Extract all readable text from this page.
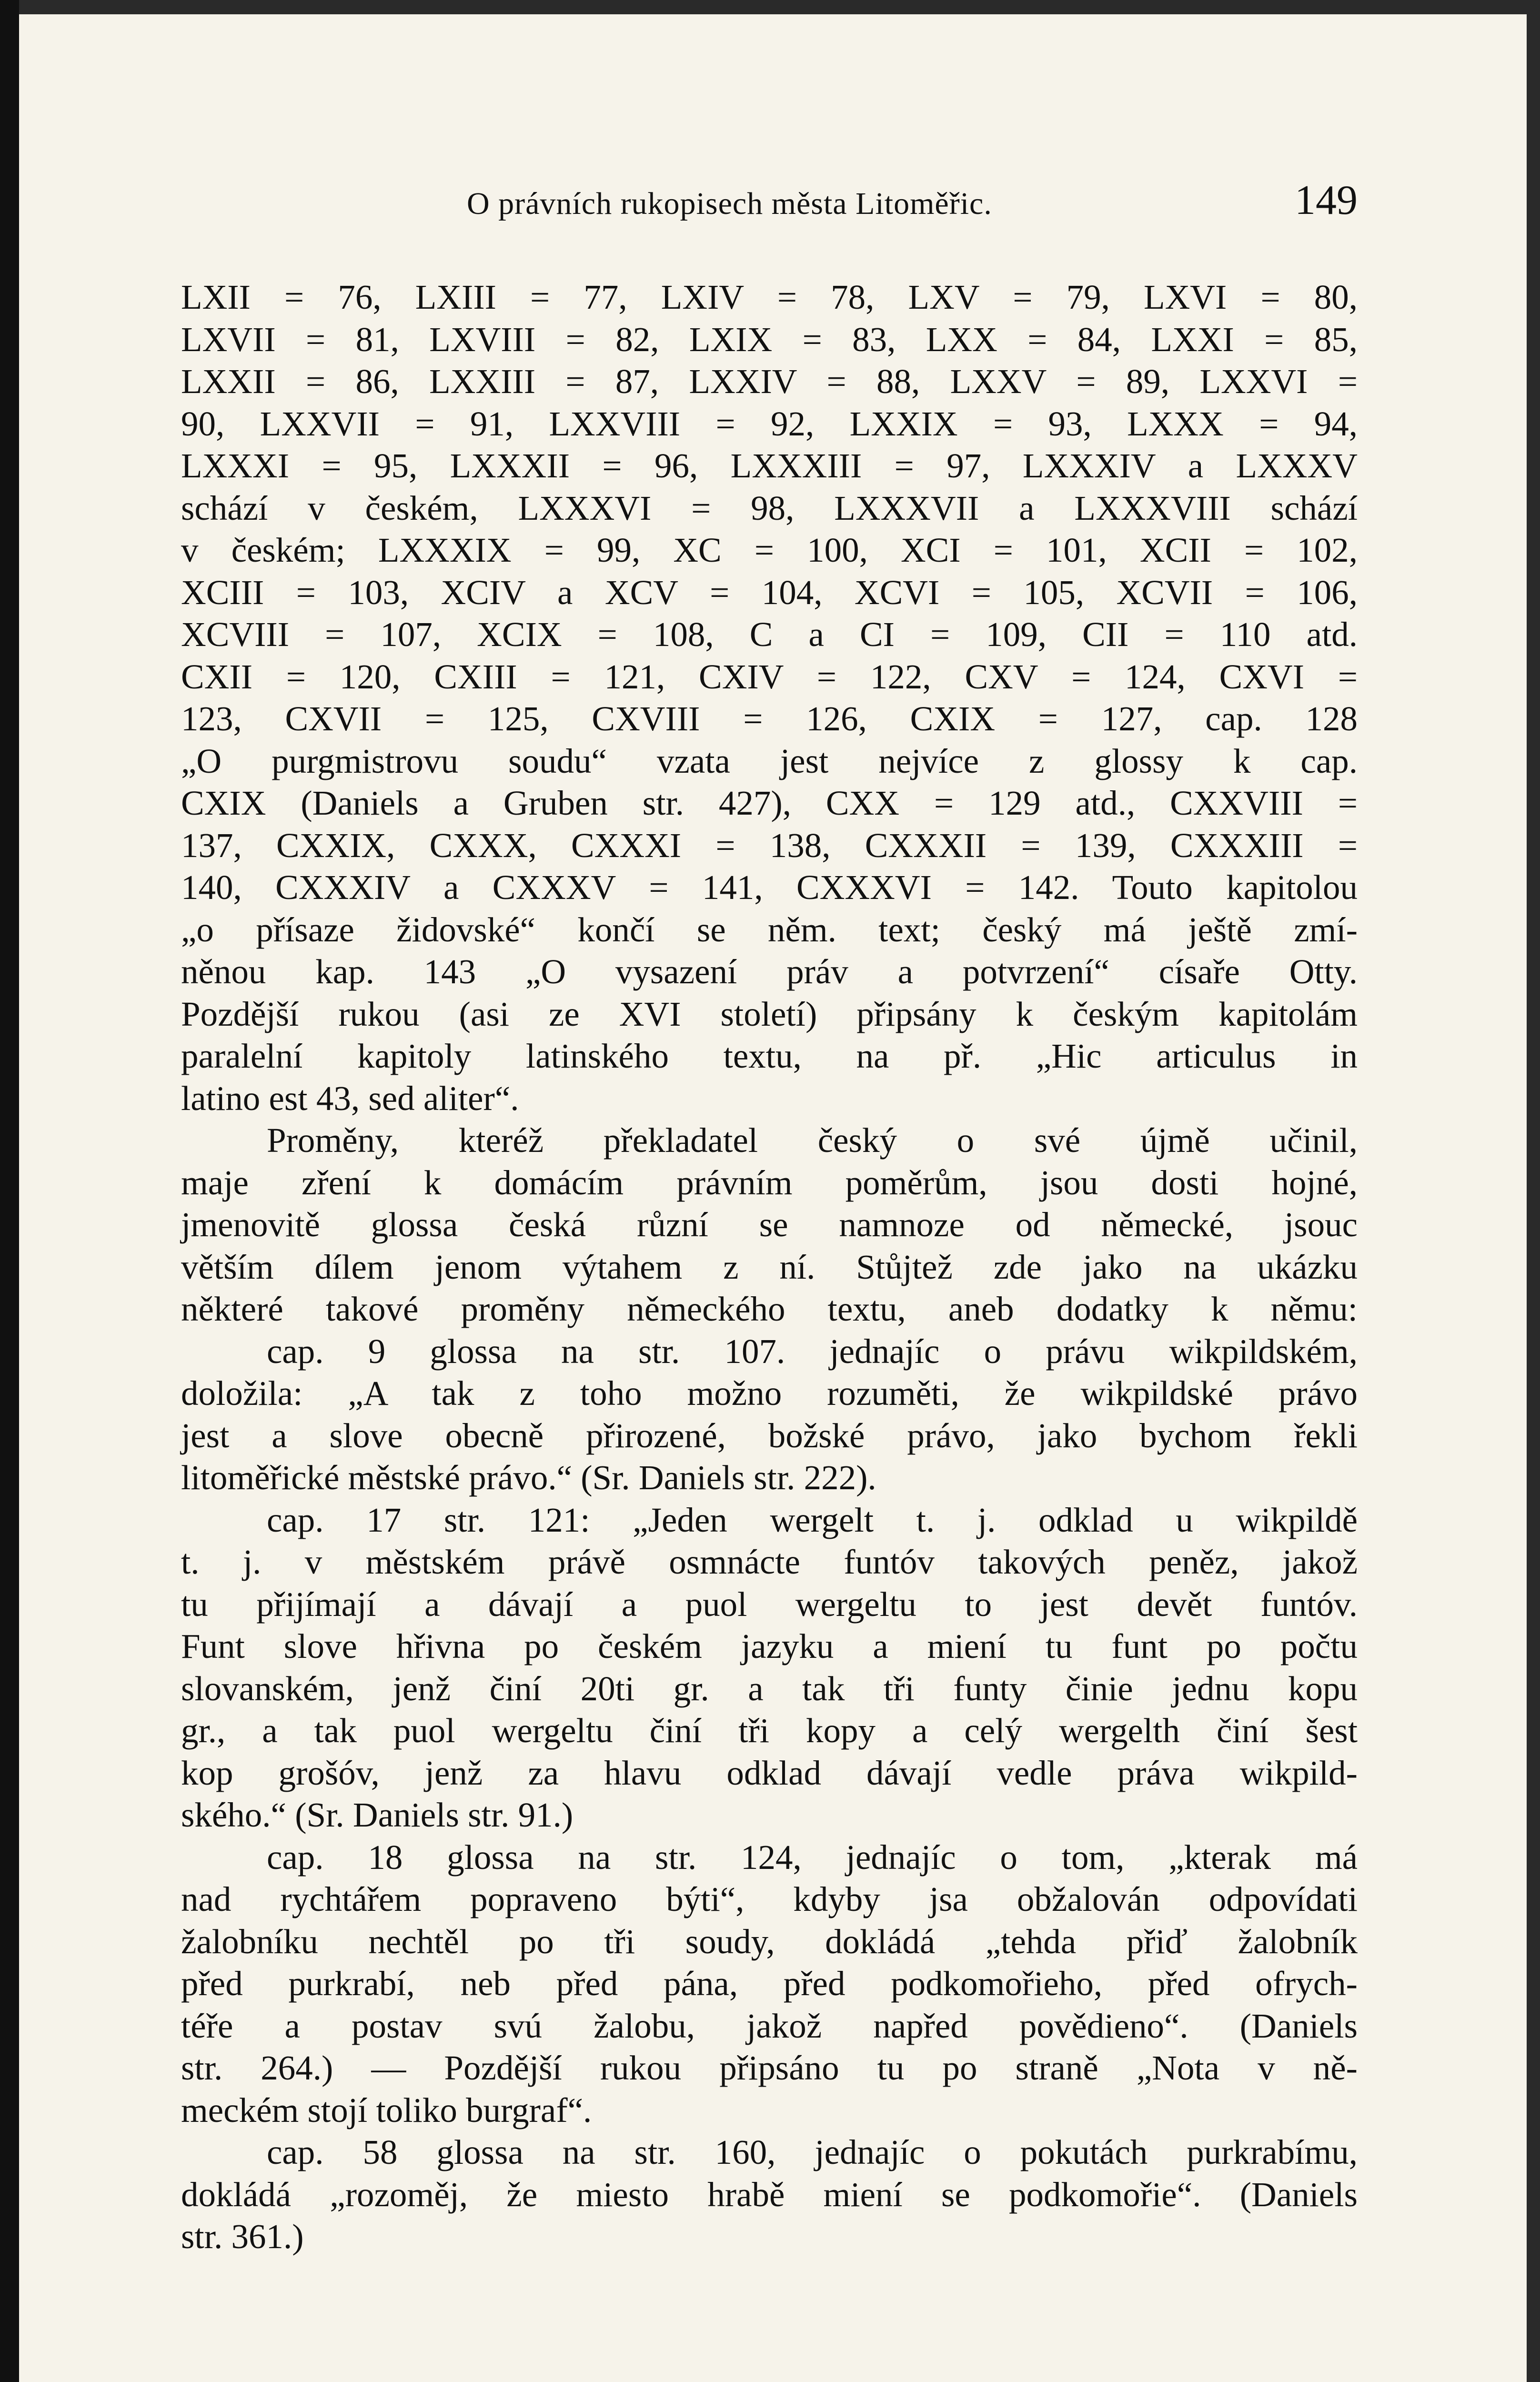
O právních rukopisech města Litoměřic.	149
LXII = 76, LXIII = 77, LXIV = 78, LXV = 79, LXVI = 80,
LXVII = 81, LXVIII = 82, LXIX = 83, LXX = 84, LXXI = 85,
LXXII = 86, LXXIII = 87, LXXIV = 88, LXXV = 89, LXXVI =
90, LXXVII = 91, LXXVIII = 92, LXXIX = 93, LXXX = 94,
LXXXI = 95, LXXXII = 96, LXXXIII = 97, LXXXIV a LXXXV
schází v českém, LXXXVI = 98, LXXXVII a LXXXVIII schází
v českém; LXXXIX = 99, XC = 100, XCI = 101, XCII = 102,
XCIII = 103, XCIV a XCV = 104, XCVI = 105, XCVII = 106,
XCVIII = 107, XCIX = 108, C a CI = 109, CII = 110 atd.
CXII = 120, CXIII = 121, CXIV = 122, CXV = 124, CXVI =
123, CXVII = 125, CXVIII = 126, CXIX = 127, cap. 128
„O purgmistrovu soudu“ vzata jest nejvíce z glossy k cap.
CXIX (Daniels a Gruben str. 427), CXX = 129 atd., CXXVIII =
137, CXXIX, CXXX, CXXXI = 138, CXXXII = 139, CXXXIII =
140, CXXXIV a CXXXV = 141, CXXXVI = 142. Touto kapitolou
„o přísaze židovské“ končí se něm. text; český má ještě zmí-
něnou kap. 143 „O vysazení práv a potvrzení“ císaře Otty.
Pozdější rukou (asi ze XVI století) připsány k českým kapitolám
paralelní kapitoly latinského textu, na př. „Hic articulus in
latino est 43, sed aliter“.
Proměny, kteréž překladatel český o své újmě učinil,
maje zření k domácím právním poměrům, jsou dosti hojné,
jmenovitě glossa česká různí se namnoze od německé, jsouc
větším dílem jenom výtahem z ní. Stůjtež zde jako na ukázku
některé takové proměny německého textu, aneb dodatky k němu:
cap. 9 glossa na str. 107. jednajíc o právu wikpildském,
doložila: „A tak z toho možno rozuměti, že wikpildské právo
jest a slove obecně přirozené, božské právo, jako bychom řekli
litoměřické městské právo.“ (Sr. Daniels str. 222).
cap. 17 str. 121: „Jeden wergelt t. j. odklad u wikpildě
t. j. v městském právě osmnácte funtóv takových peněz, jakož
tu přijímají a dávají a puol wergeltu to jest devět funtóv.
Funt slove hřivna po českém jazyku a miení tu funt po počtu
slovanském, jenž činí 20ti gr. a tak tři funty činie jednu kopu
gr., a tak puol wergeltu činí tři kopy a celý wergelth činí šest
kop grošóv, jenž za hlavu odklad dávají vedle práva wikpild-
ského.“ (Sr. Daniels str. 91.)
cap. 18 glossa na str. 124, jednajíc o tom, „kterak má
nad rychtářem popraveno býti“, kdyby jsa obžalován odpovídati
žalobníku nechtěl po tři soudy, dokládá „tehda přiď žalobník
před purkrabí, neb před pána, před podkomořieho, před ofrych-
téře a postav svú žalobu, jakož napřed povědieno“. (Daniels
str. 264.) — Pozdější rukou připsáno tu po straně „Nota v ně-
meckém stojí toliko burgraf“.
cap. 58 glossa na str. 160, jednajíc o pokutách purkrabímu,
dokládá „rozoměj, že miesto hrabě miení se podkomořie“. (Daniels
str. 361.)
